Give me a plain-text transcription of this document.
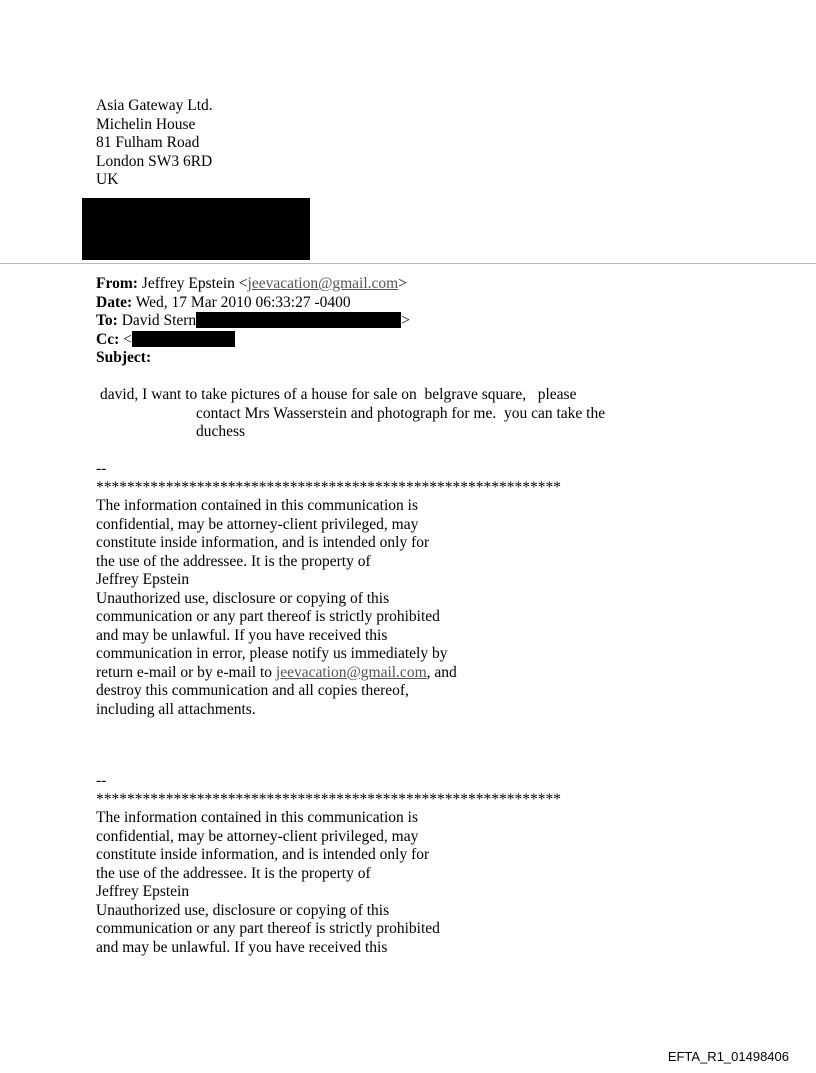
Asia Gateway Ltd.
Michelin House
81 Fulham Road
London SW3 6RD
UK
From: Jeffrey Epstein <jeevacation@gmail.com>
Date: Wed, 17 Mar 2010 06:33:27 -0400
To: David Stern	>
Cc: <
Subject:
david, I want to take pictures of a house for sale on  belgrave square,   please
contact Mrs Wasserstein and photograph for me.  you can take the
duchess
--
************************************************************
The information contained in this communication is
confidential, may be attorney-client privileged, may
constitute inside information, and is intended only for
the use of the addressee. It is the property of
Jeffrey Epstein
Unauthorized use, disclosure or copying of this
communication or any part thereof is strictly prohibited
and may be unlawful. If you have received this
communication in error, please notify us immediately by
return e-mail or by e-mail to jeevacation@gmail.com, and
destroy this communication and all copies thereof,
including all attachments.
--
************************************************************
The information contained in this communication is
confidential, may be attorney-client privileged, may
constitute inside information, and is intended only for
the use of the addressee. It is the property of
Jeffrey Epstein
Unauthorized use, disclosure or copying of this
communication or any part thereof is strictly prohibited
and may be unlawful. If you have received this
EFTA_R1_01498406
